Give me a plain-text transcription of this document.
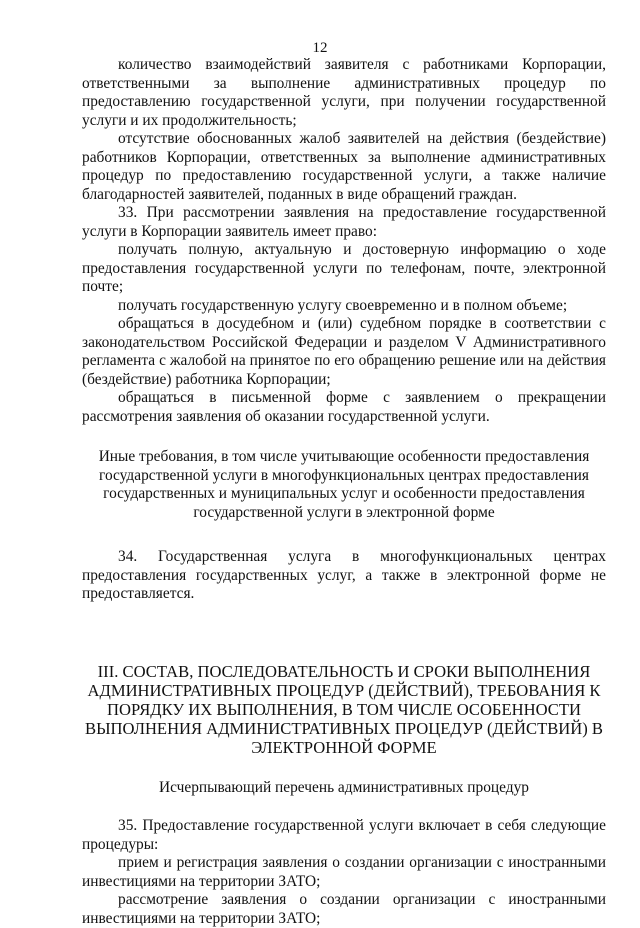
12

количество взаимодействий заявителя с работниками Корпорации, ответственными за выполнение административных процедур по предоставлению государственной услуги, при получении государственной услуги и их продолжительность;

отсутствие обоснованных жалоб заявителей на действия (бездействие) работников Корпорации, ответственных за выполнение административных процедур по предоставлению государственной услуги, а также наличие благодарностей заявителей, поданных в виде обращений граждан.

33. При рассмотрении заявления на предоставление государственной услуги в Корпорации заявитель имеет право:

получать полную, актуальную и достоверную информацию о ходе предоставления государственной услуги по телефонам, почте, электронной почте;

получать государственную услугу своевременно и в полном объеме;

обращаться в досудебном и (или) судебном порядке в соответствии с законодательством Российской Федерации и разделом V Административного регламента с жалобой на принятое по его обращению решение или на действия (бездействие) работника Корпорации;

обращаться в письменной форме с заявлением о прекращении рассмотрения заявления об оказании государственной услуги.

Иные требования, в том числе учитывающие особенности предоставления государственной услуги в многофункциональных центрах предоставления государственных и муниципальных услуг и особенности предоставления государственной услуги в электронной форме

34. Государственная услуга в многофункциональных центрах предоставления государственных услуг, а также в электронной форме не предоставляется.

III. СОСТАВ, ПОСЛЕДОВАТЕЛЬНОСТЬ И СРОКИ ВЫПОЛНЕНИЯ АДМИНИСТРАТИВНЫХ ПРОЦЕДУР (ДЕЙСТВИЙ), ТРЕБОВАНИЯ К ПОРЯДКУ ИХ ВЫПОЛНЕНИЯ, В ТОМ ЧИСЛЕ ОСОБЕННОСТИ ВЫПОЛНЕНИЯ АДМИНИСТРАТИВНЫХ ПРОЦЕДУР (ДЕЙСТВИЙ) В ЭЛЕКТРОННОЙ ФОРМЕ

Исчерпывающий перечень административных процедур

35. Предоставление государственной услуги включает в себя следующие процедуры:

прием и регистрация заявления о создании организации с иностранными инвестициями на территории ЗАТО;

рассмотрение заявления о создании организации с иностранными инвестициями на территории ЗАТО;
